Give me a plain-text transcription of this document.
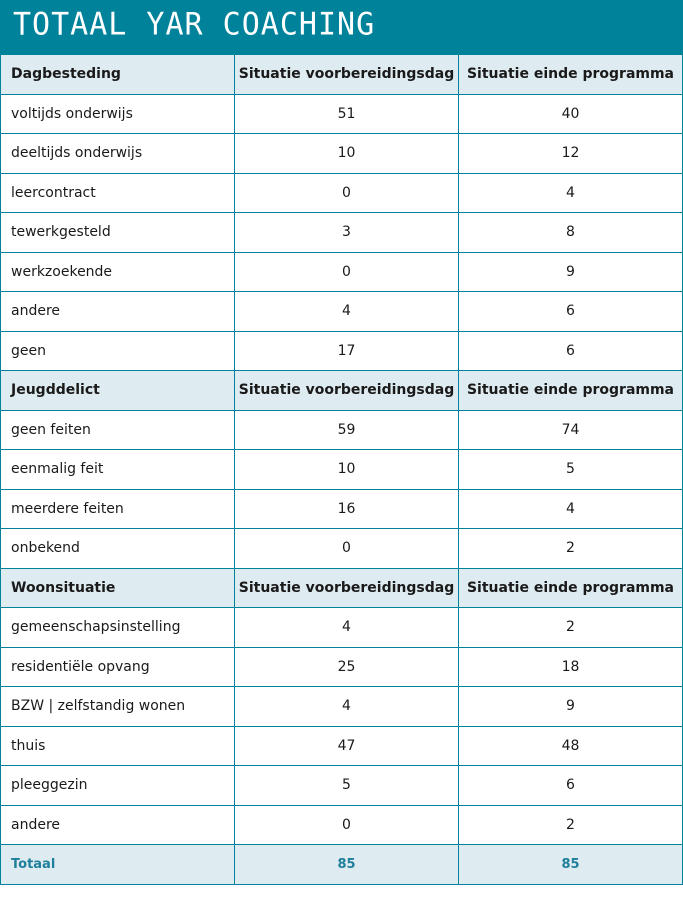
TOTAAL YAR COACHING
Dagbesteding	Situatie voorbereidingsdag	Situatie einde programma
voltijds onderwijs	51	40
deeltijds onderwijs	10	12
leercontract	0	4
tewerkgesteld	3	8
werkzoekende	0	9
andere	4	6
geen	17	6
Jeugddelict	Situatie voorbereidingsdag	Situatie einde programma
geen feiten	59	74
eenmalig feit	10	5
meerdere feiten	16	4
onbekend	0	2
Woonsituatie	Situatie voorbereidingsdag	Situatie einde programma
gemeenschapsinstelling	4	2
residentiële opvang	25	18
BZW | zelfstandig wonen	4	9
thuis	47	48
pleeggezin	5	6
andere	0	2
Totaal	85	85
